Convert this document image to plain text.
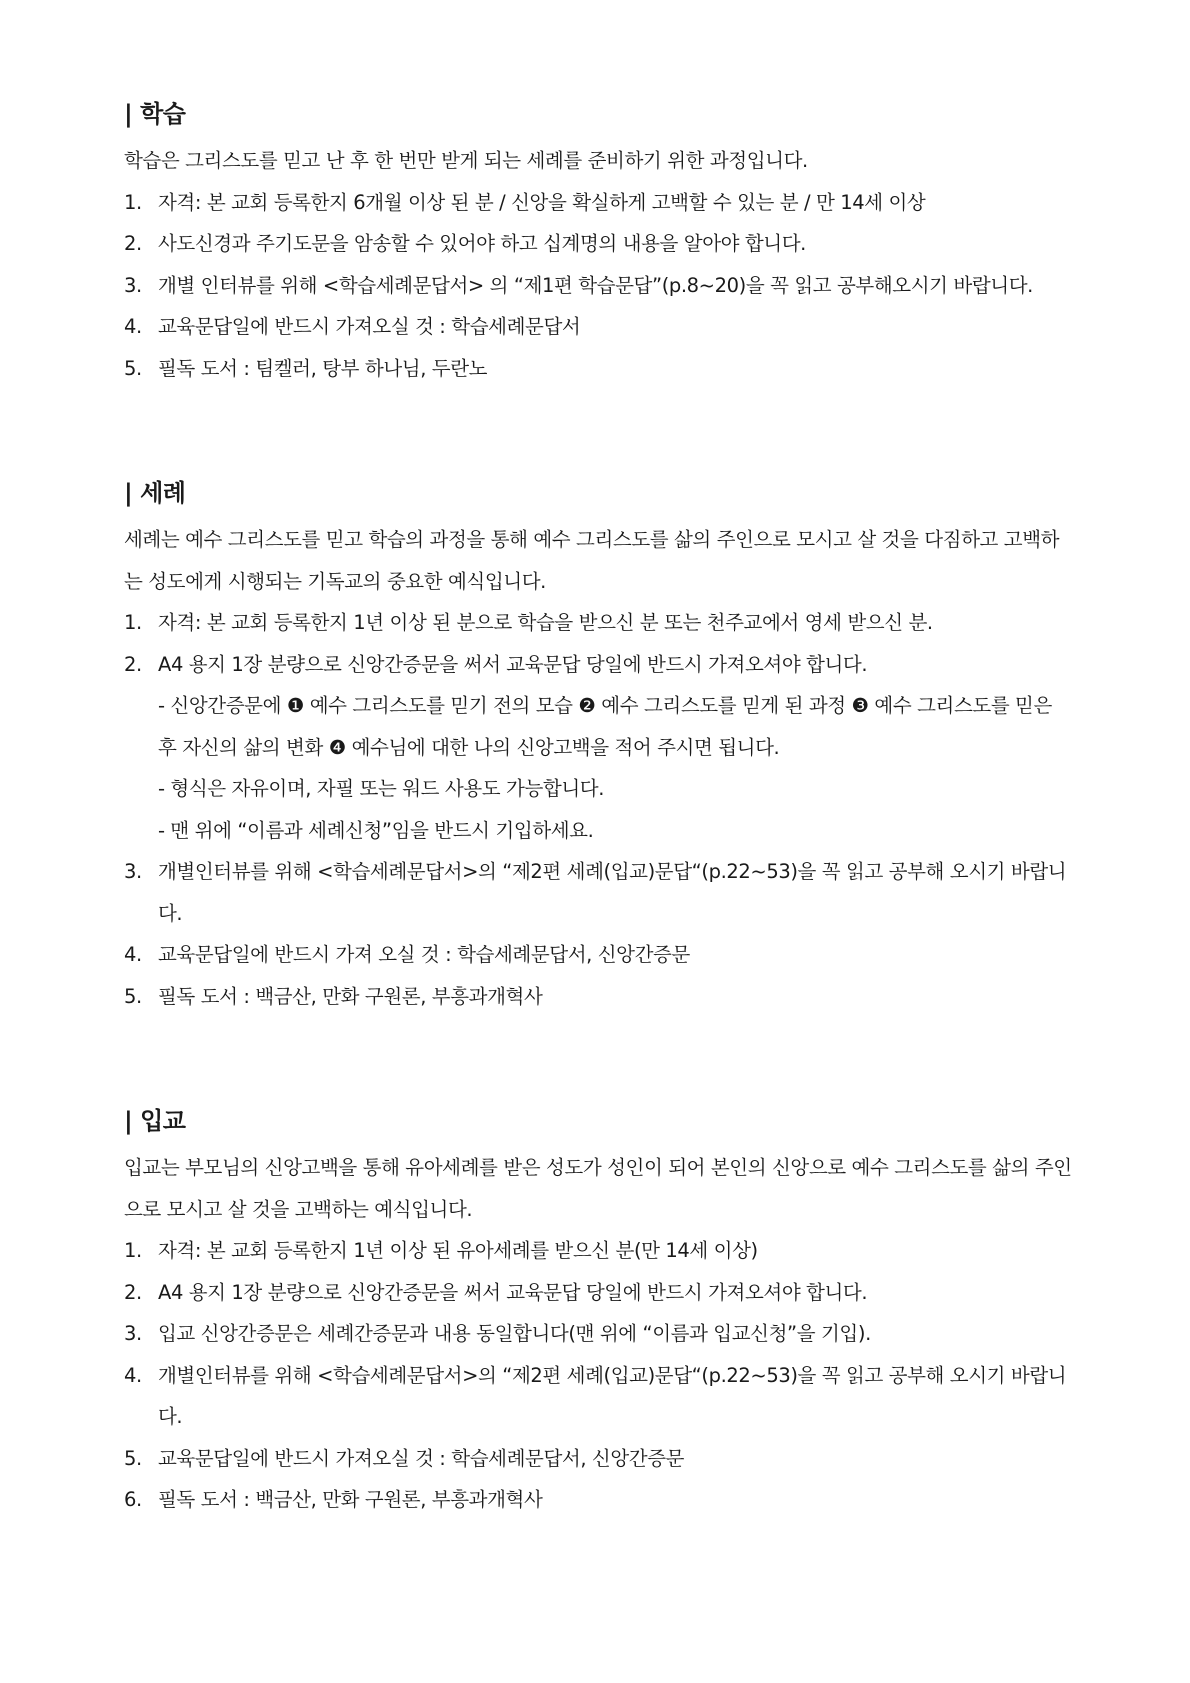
| 학습

학습은 그리스도를 믿고 난 후 한 번만 받게 되는 세례를 준비하기 위한 과정입니다.

1. 자격: 본 교회 등록한지 6개월 이상 된 분 / 신앙을 확실하게 고백할 수 있는 분 / 만 14세 이상
2. 사도신경과 주기도문을 암송할 수 있어야 하고 십계명의 내용을 알아야 합니다.
3. 개별 인터뷰를 위해 <학습세례문답서> 의 “제1편 학습문답”(p.8~20)을 꼭 읽고 공부해오시기 바랍니다.
4. 교육문답일에 반드시 가져오실 것 : 학습세례문답서
5. 필독 도서 : 팀켈러, 탕부 하나님, 두란노
| 세례

세례는 예수 그리스도를 믿고 학습의 과정을 통해 예수 그리스도를 삶의 주인으로 모시고 살 것을 다짐하고 고백하는 성도에게 시행되는 기독교의 중요한 예식입니다.

1. 자격: 본 교회 등록한지 1년 이상 된 분으로 학습을 받으신 분 또는 천주교에서 영세 받으신 분.
2. A4 용지 1장 분량으로 신앙간증문을 써서 교육문답 당일에 반드시 가져오셔야 합니다.
- 신앙간증문에 ❶ 예수 그리스도를 믿기 전의 모습 ❷ 예수 그리스도를 믿게 된 과정 ❸ 예수 그리스도를 믿은 후 자신의 삶의 변화 ❹ 예수님에 대한 나의 신앙고백을 적어 주시면 됩니다.
- 형식은 자유이며, 자필 또는 워드 사용도 가능합니다.
- 맨 위에 “이름과 세례신청”임을 반드시 기입하세요.
3. 개별인터뷰를 위해 <학습세례문답서>의 “제2편 세례(입교)문답“(p.22~53)을 꼭 읽고 공부해 오시기 바랍니다.
4. 교육문답일에 반드시 가져 오실 것 : 학습세례문답서, 신앙간증문
5. 필독 도서 : 백금산, 만화 구원론, 부흥과개혁사
| 입교

입교는 부모님의 신앙고백을 통해 유아세례를 받은 성도가 성인이 되어 본인의 신앙으로 예수 그리스도를 삶의 주인으로 모시고 살 것을 고백하는 예식입니다.

1. 자격: 본 교회 등록한지 1년 이상 된 유아세례를 받으신 분(만 14세 이상)
2. A4 용지 1장 분량으로 신앙간증문을 써서 교육문답 당일에 반드시 가져오셔야 합니다.
3. 입교 신앙간증문은 세례간증문과 내용 동일합니다(맨 위에 “이름과 입교신청”을 기입).
4. 개별인터뷰를 위해 <학습세례문답서>의 “제2편 세례(입교)문답“(p.22~53)을 꼭 읽고 공부해 오시기 바랍니다.
5. 교육문답일에 반드시 가져오실 것 : 학습세례문답서, 신앙간증문
6. 필독 도서 : 백금산, 만화 구원론, 부흥과개혁사
